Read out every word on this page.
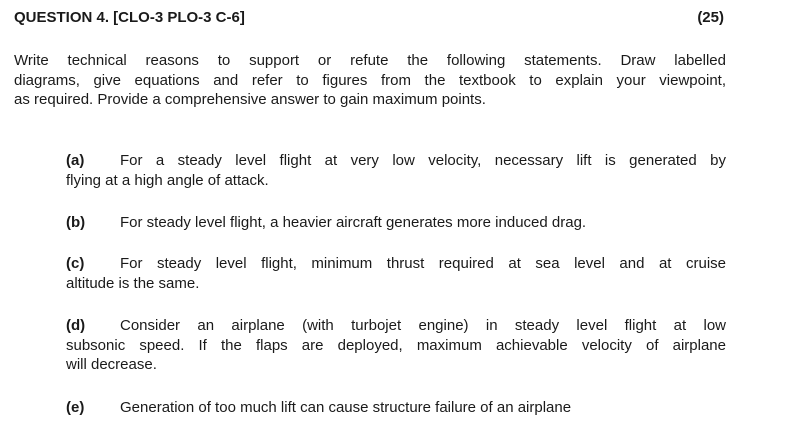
QUESTION 4. [CLO-3 PLO-3 C-6]	(25)
Write technical reasons to support or refute the following statements. Draw labelled
diagrams, give equations and refer to figures from the textbook to explain your viewpoint,
as required. Provide a comprehensive answer to gain maximum points.
(a) For a steady level flight at very low velocity, necessary lift is generated by
flying at a high angle of attack.
(b) For steady level flight, a heavier aircraft generates more induced drag.
(c) For steady level flight, minimum thrust required at sea level and at cruise
altitude is the same.
(d) Consider an airplane (with turbojet engine) in steady level flight at low
subsonic speed. If the flaps are deployed, maximum achievable velocity of airplane
will decrease.
(e) Generation of too much lift can cause structure failure of an airplane
